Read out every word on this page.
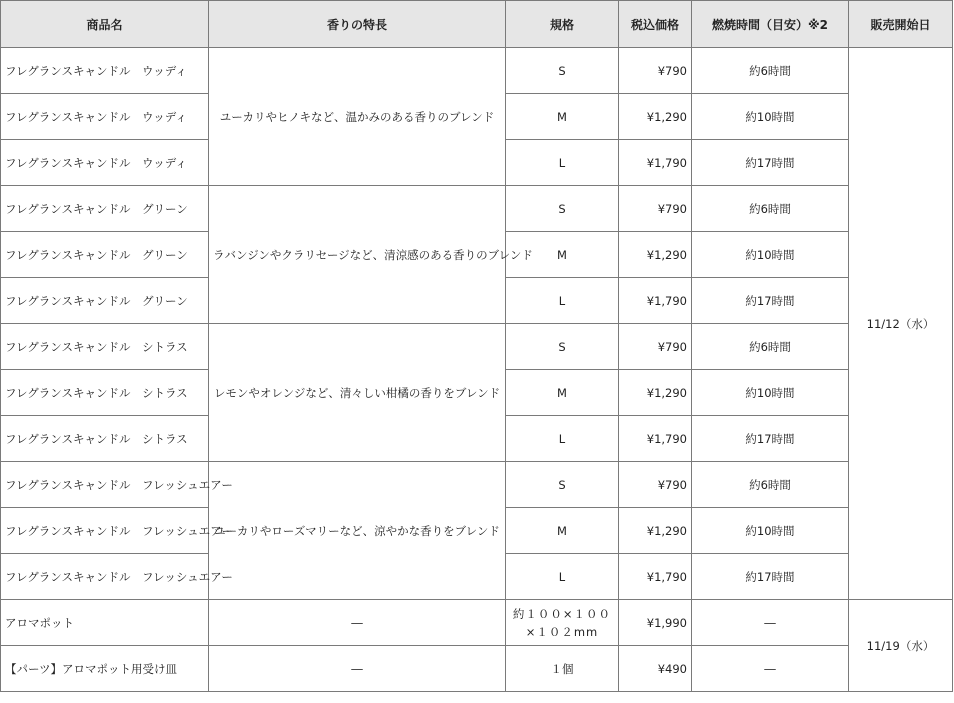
商品名	香りの特長	規格	税込価格	燃焼時間（目安）※2	販売開始日
フレグランスキャンドル　ウッディ	ユーカリやヒノキなど、温かみのある香りのブレンド	S	¥790	約6時間	11/12（水）
フレグランスキャンドル　ウッディ		M	¥1,290	約10時間	
フレグランスキャンドル　ウッディ		L	¥1,790	約17時間	
フレグランスキャンドル　グリーン	ラバンジンやクラリセージなど、清涼感のある香りのブレンド	S	¥790	約6時間	
フレグランスキャンドル　グリーン		M	¥1,290	約10時間	
フレグランスキャンドル　グリーン		L	¥1,790	約17時間	
フレグランスキャンドル　シトラス	レモンやオレンジなど、清々しい柑橘の香りをブレンド	S	¥790	約6時間	
フレグランスキャンドル　シトラス		M	¥1,290	約10時間	
フレグランスキャンドル　シトラス		L	¥1,790	約17時間	
フレグランスキャンドル　フレッシュエアー	ユーカリやローズマリーなど、涼やかな香りをブレンド	S	¥790	約6時間	
フレグランスキャンドル　フレッシュエアー		M	¥1,290	約10時間	
フレグランスキャンドル　フレッシュエアー		L	¥1,790	約17時間	
アロマポット	―	約１００×１００×１０２mm	¥1,990	―	11/19（水）
【パーツ】アロマポット用受け皿	―	１個	¥490	―	
